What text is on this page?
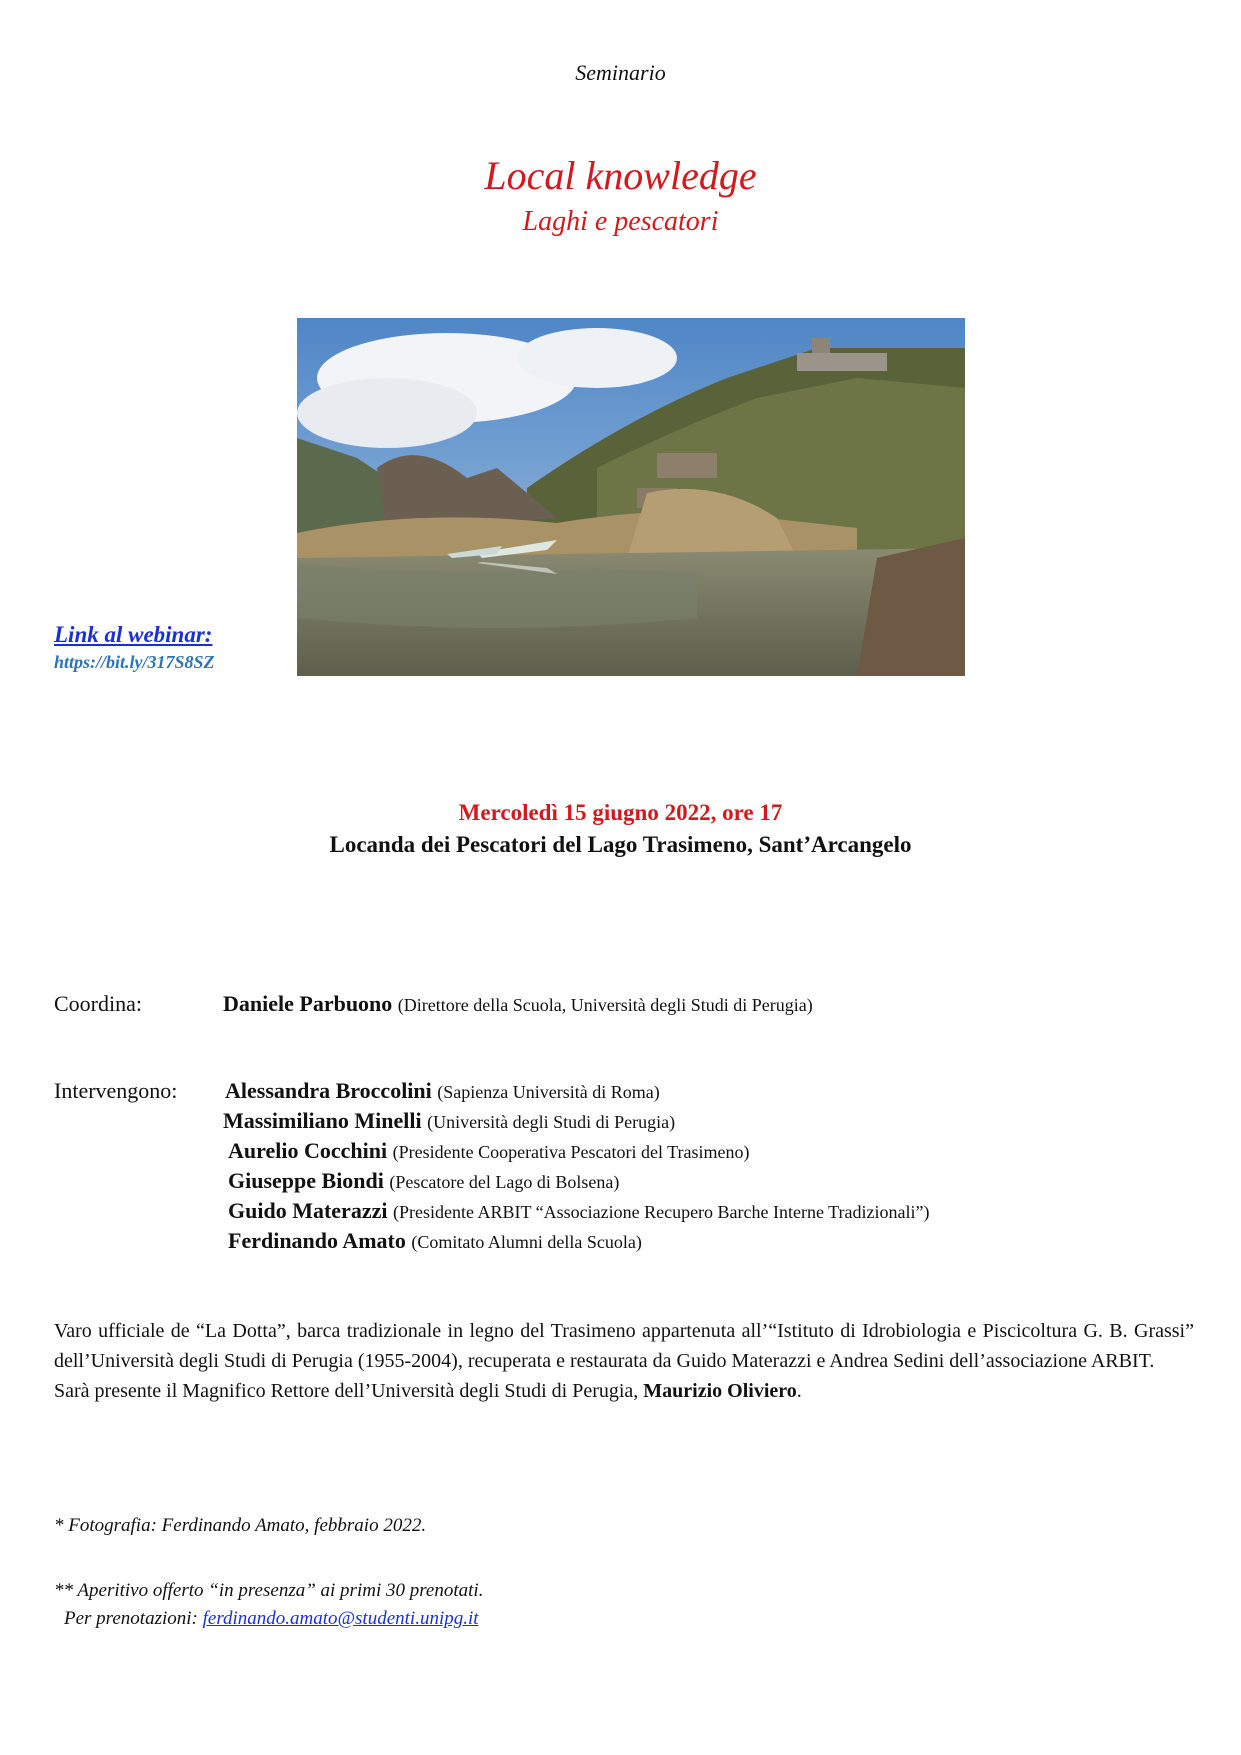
Seminario
Local knowledge
Laghi e pescatori
Link al webinar:
https://bit.ly/317S8SZ
Mercoledì 15 giugno 2022, ore 17
Locanda dei Pescatori del Lago Trasimeno, Sant’Arcangelo
Coordina:	Daniele Parbuono (Direttore della Scuola, Università degli Studi di Perugia)
Intervengono: Alessandra Broccolini (Sapienza Università di Roma)
Massimiliano Minelli (Università degli Studi di Perugia)
Aurelio Cocchini (Presidente Cooperativa Pescatori del Trasimeno)
Giuseppe Biondi (Pescatore del Lago di Bolsena)
Guido Materazzi (Presidente ARBIT “Associazione Recupero Barche Interne Tradizionali”)
Ferdinando Amato (Comitato Alumni della Scuola)
Varo ufficiale de “La Dotta”, barca tradizionale in legno del Trasimeno appartenuta all’“Istituto di Idrobiologia e Piscicoltura G. B. Grassi” dell’Università degli Studi di Perugia (1955-2004), recuperata e restaurata da Guido Materazzi e Andrea Sedini dell’associazione ARBIT.
Sarà presente il Magnifico Rettore dell’Università degli Studi di Perugia, Maurizio Oliviero.
* Fotografia: Ferdinando Amato, febbraio 2022.
** Aperitivo offerto “in presenza” ai primi 30 prenotati.
Per prenotazioni: ferdinando.amato@studenti.unipg.it
